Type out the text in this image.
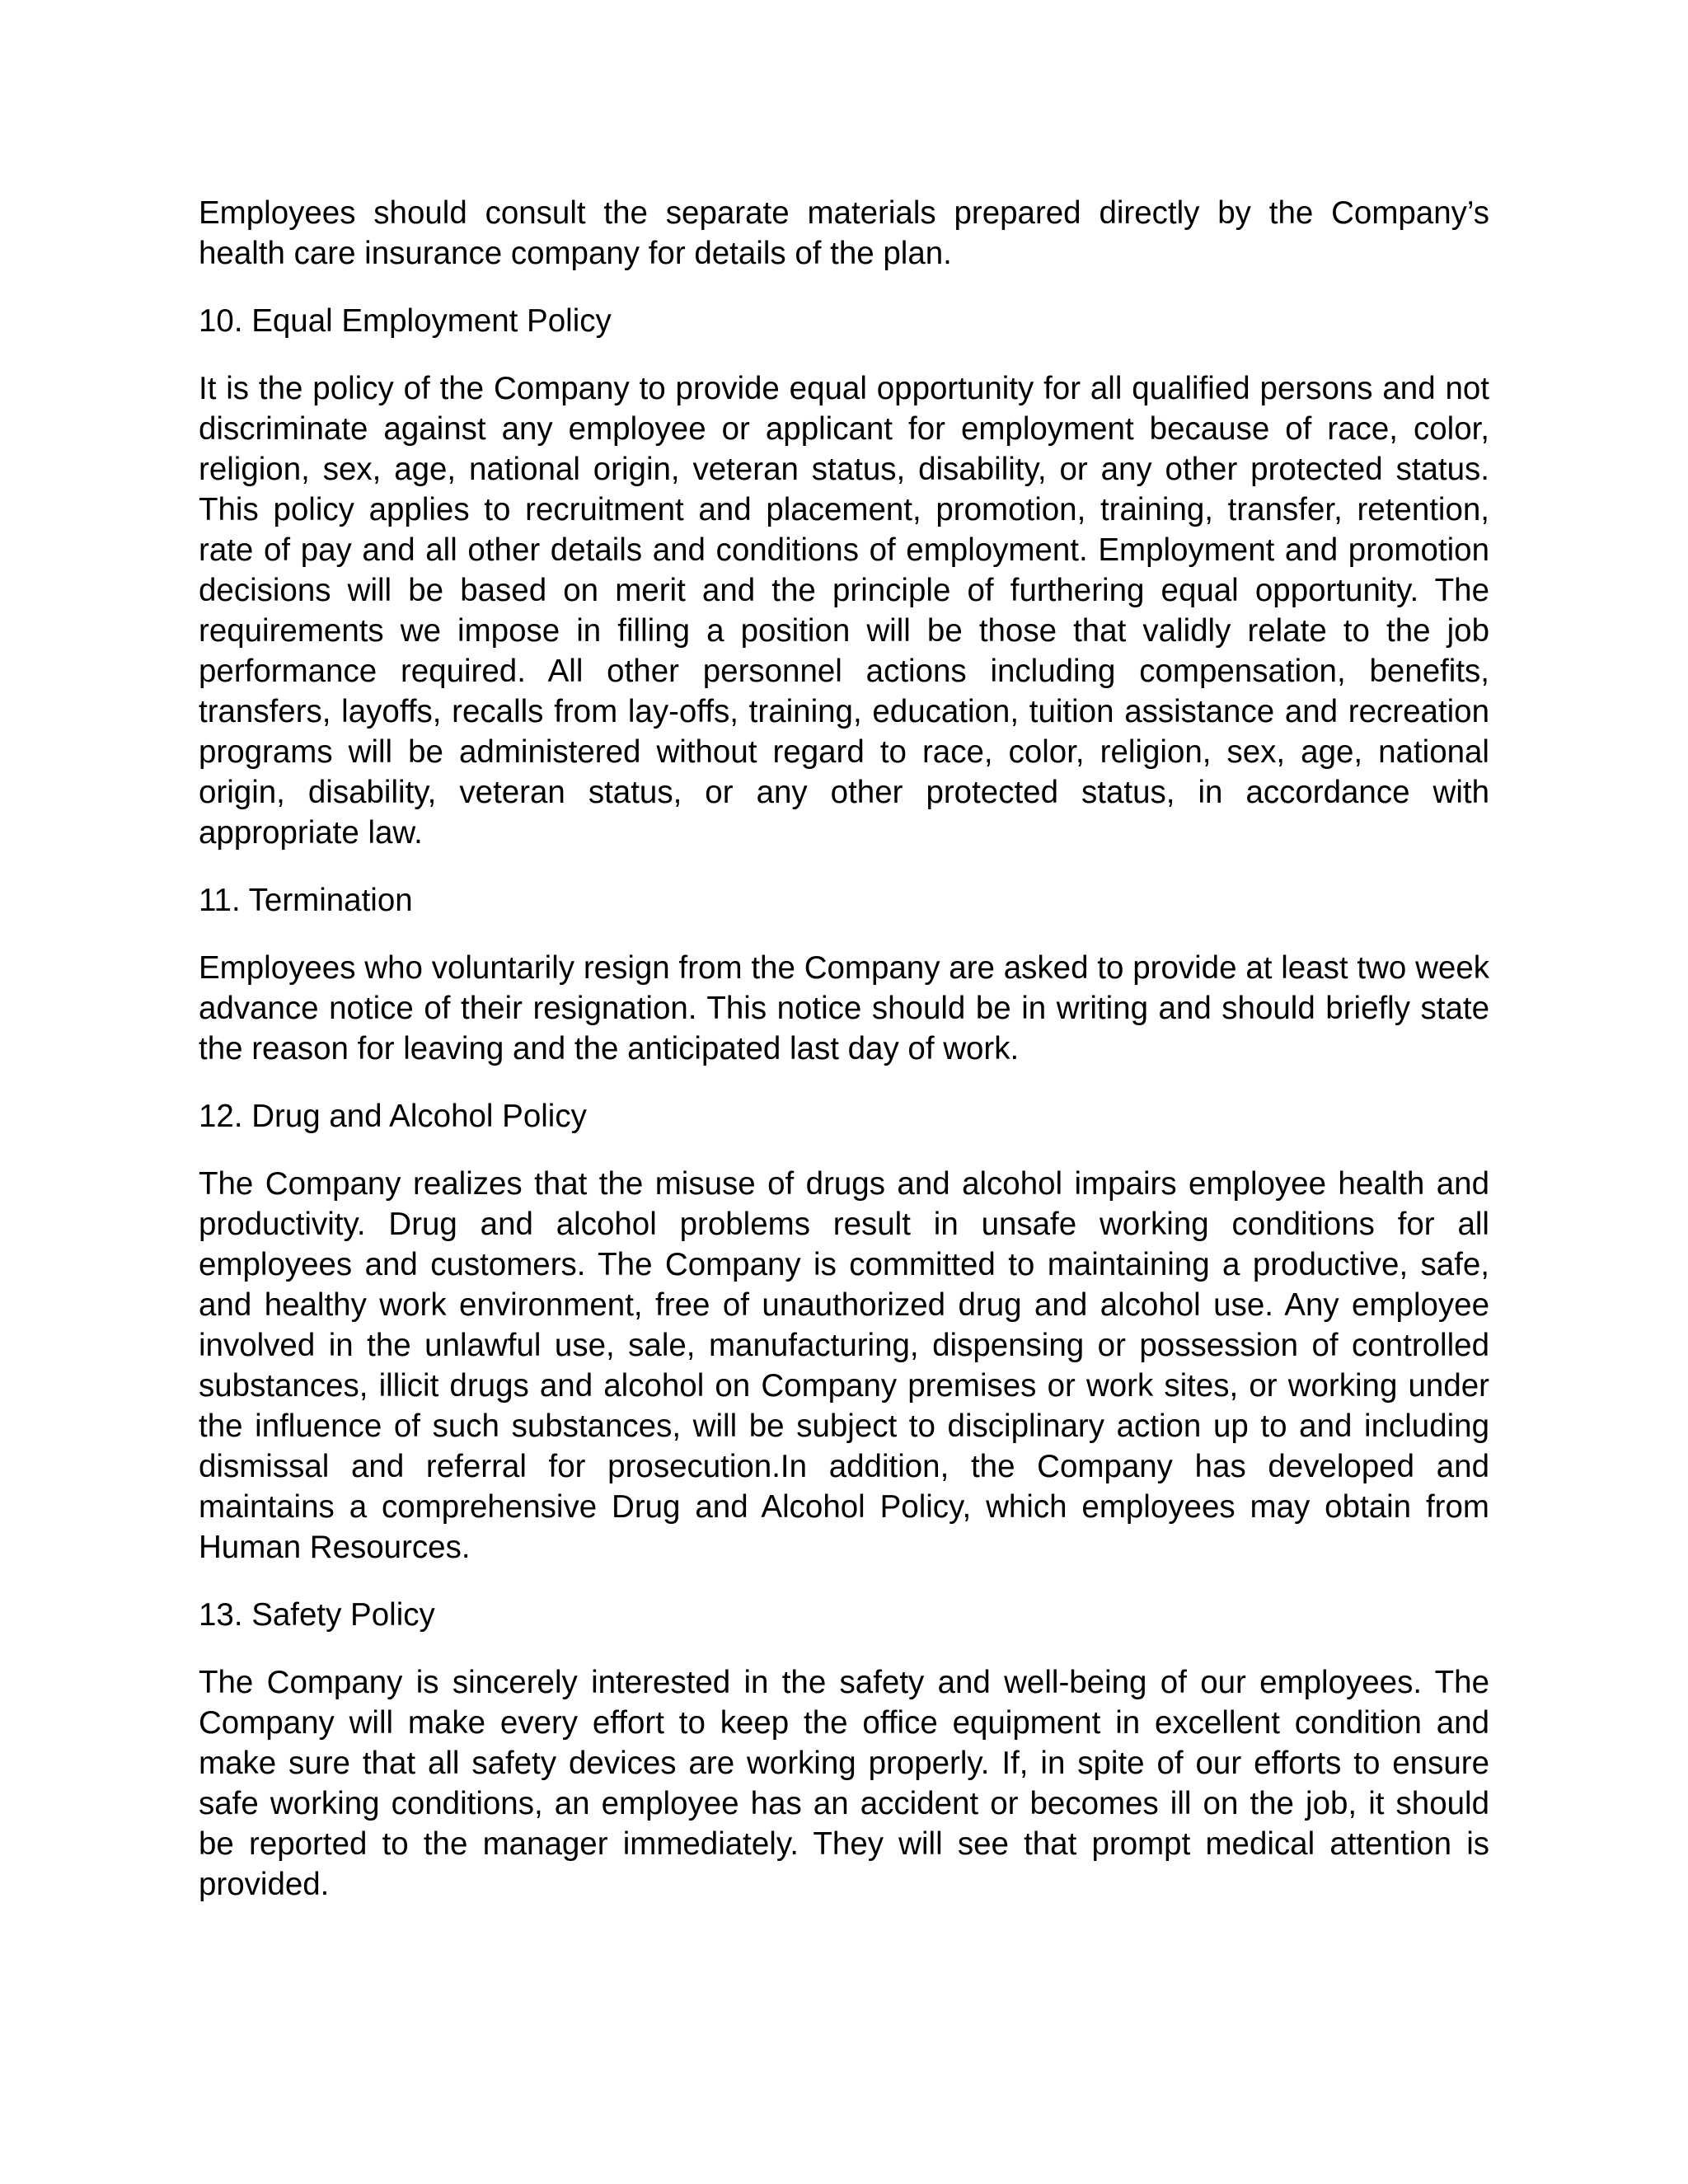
Employees should consult the separate materials prepared directly by the Company’s health care insurance company for details of the plan.

10. Equal Employment Policy

It is the policy of the Company to provide equal opportunity for all qualified persons and not discriminate against any employee or applicant for employment because of race, color, religion, sex, age, national origin, veteran status, disability, or any other protected status. This policy applies to recruitment and placement, promotion, training, transfer, retention, rate of pay and all other details and conditions of employment. Employment and promotion decisions will be based on merit and the principle of furthering equal opportunity. The requirements we impose in filling a position will be those that validly relate to the job performance required. All other personnel actions including compensation, benefits, transfers, layoffs, recalls from lay-offs, training, education, tuition assistance and recreation programs will be administered without regard to race, color, religion, sex, age, national origin, disability, veteran status, or any other protected status, in accordance with appropriate law.

11. Termination

Employees who voluntarily resign from the Company are asked to provide at least two week advance notice of their resignation. This notice should be in writing and should briefly state the reason for leaving and the anticipated last day of work.

12. Drug and Alcohol Policy

The Company realizes that the misuse of drugs and alcohol impairs employee health and productivity. Drug and alcohol problems result in unsafe working conditions for all employees and customers. The Company is committed to maintaining a productive, safe, and healthy work environment, free of unauthorized drug and alcohol use. Any employee involved in the unlawful use, sale, manufacturing, dispensing or possession of controlled substances, illicit drugs and alcohol on Company premises or work sites, or working under the influence of such substances, will be subject to disciplinary action up to and including dismissal and referral for prosecution.In addition, the Company has developed and maintains a comprehensive Drug and Alcohol Policy, which employees may obtain from Human Resources.

13. Safety Policy

The Company is sincerely interested in the safety and well-being of our employees. The Company will make every effort to keep the office equipment in excellent condition and make sure that all safety devices are working properly. If, in spite of our efforts to ensure safe working conditions, an employee has an accident or becomes ill on the job, it should be reported to the manager immediately. They will see that prompt medical attention is provided.
